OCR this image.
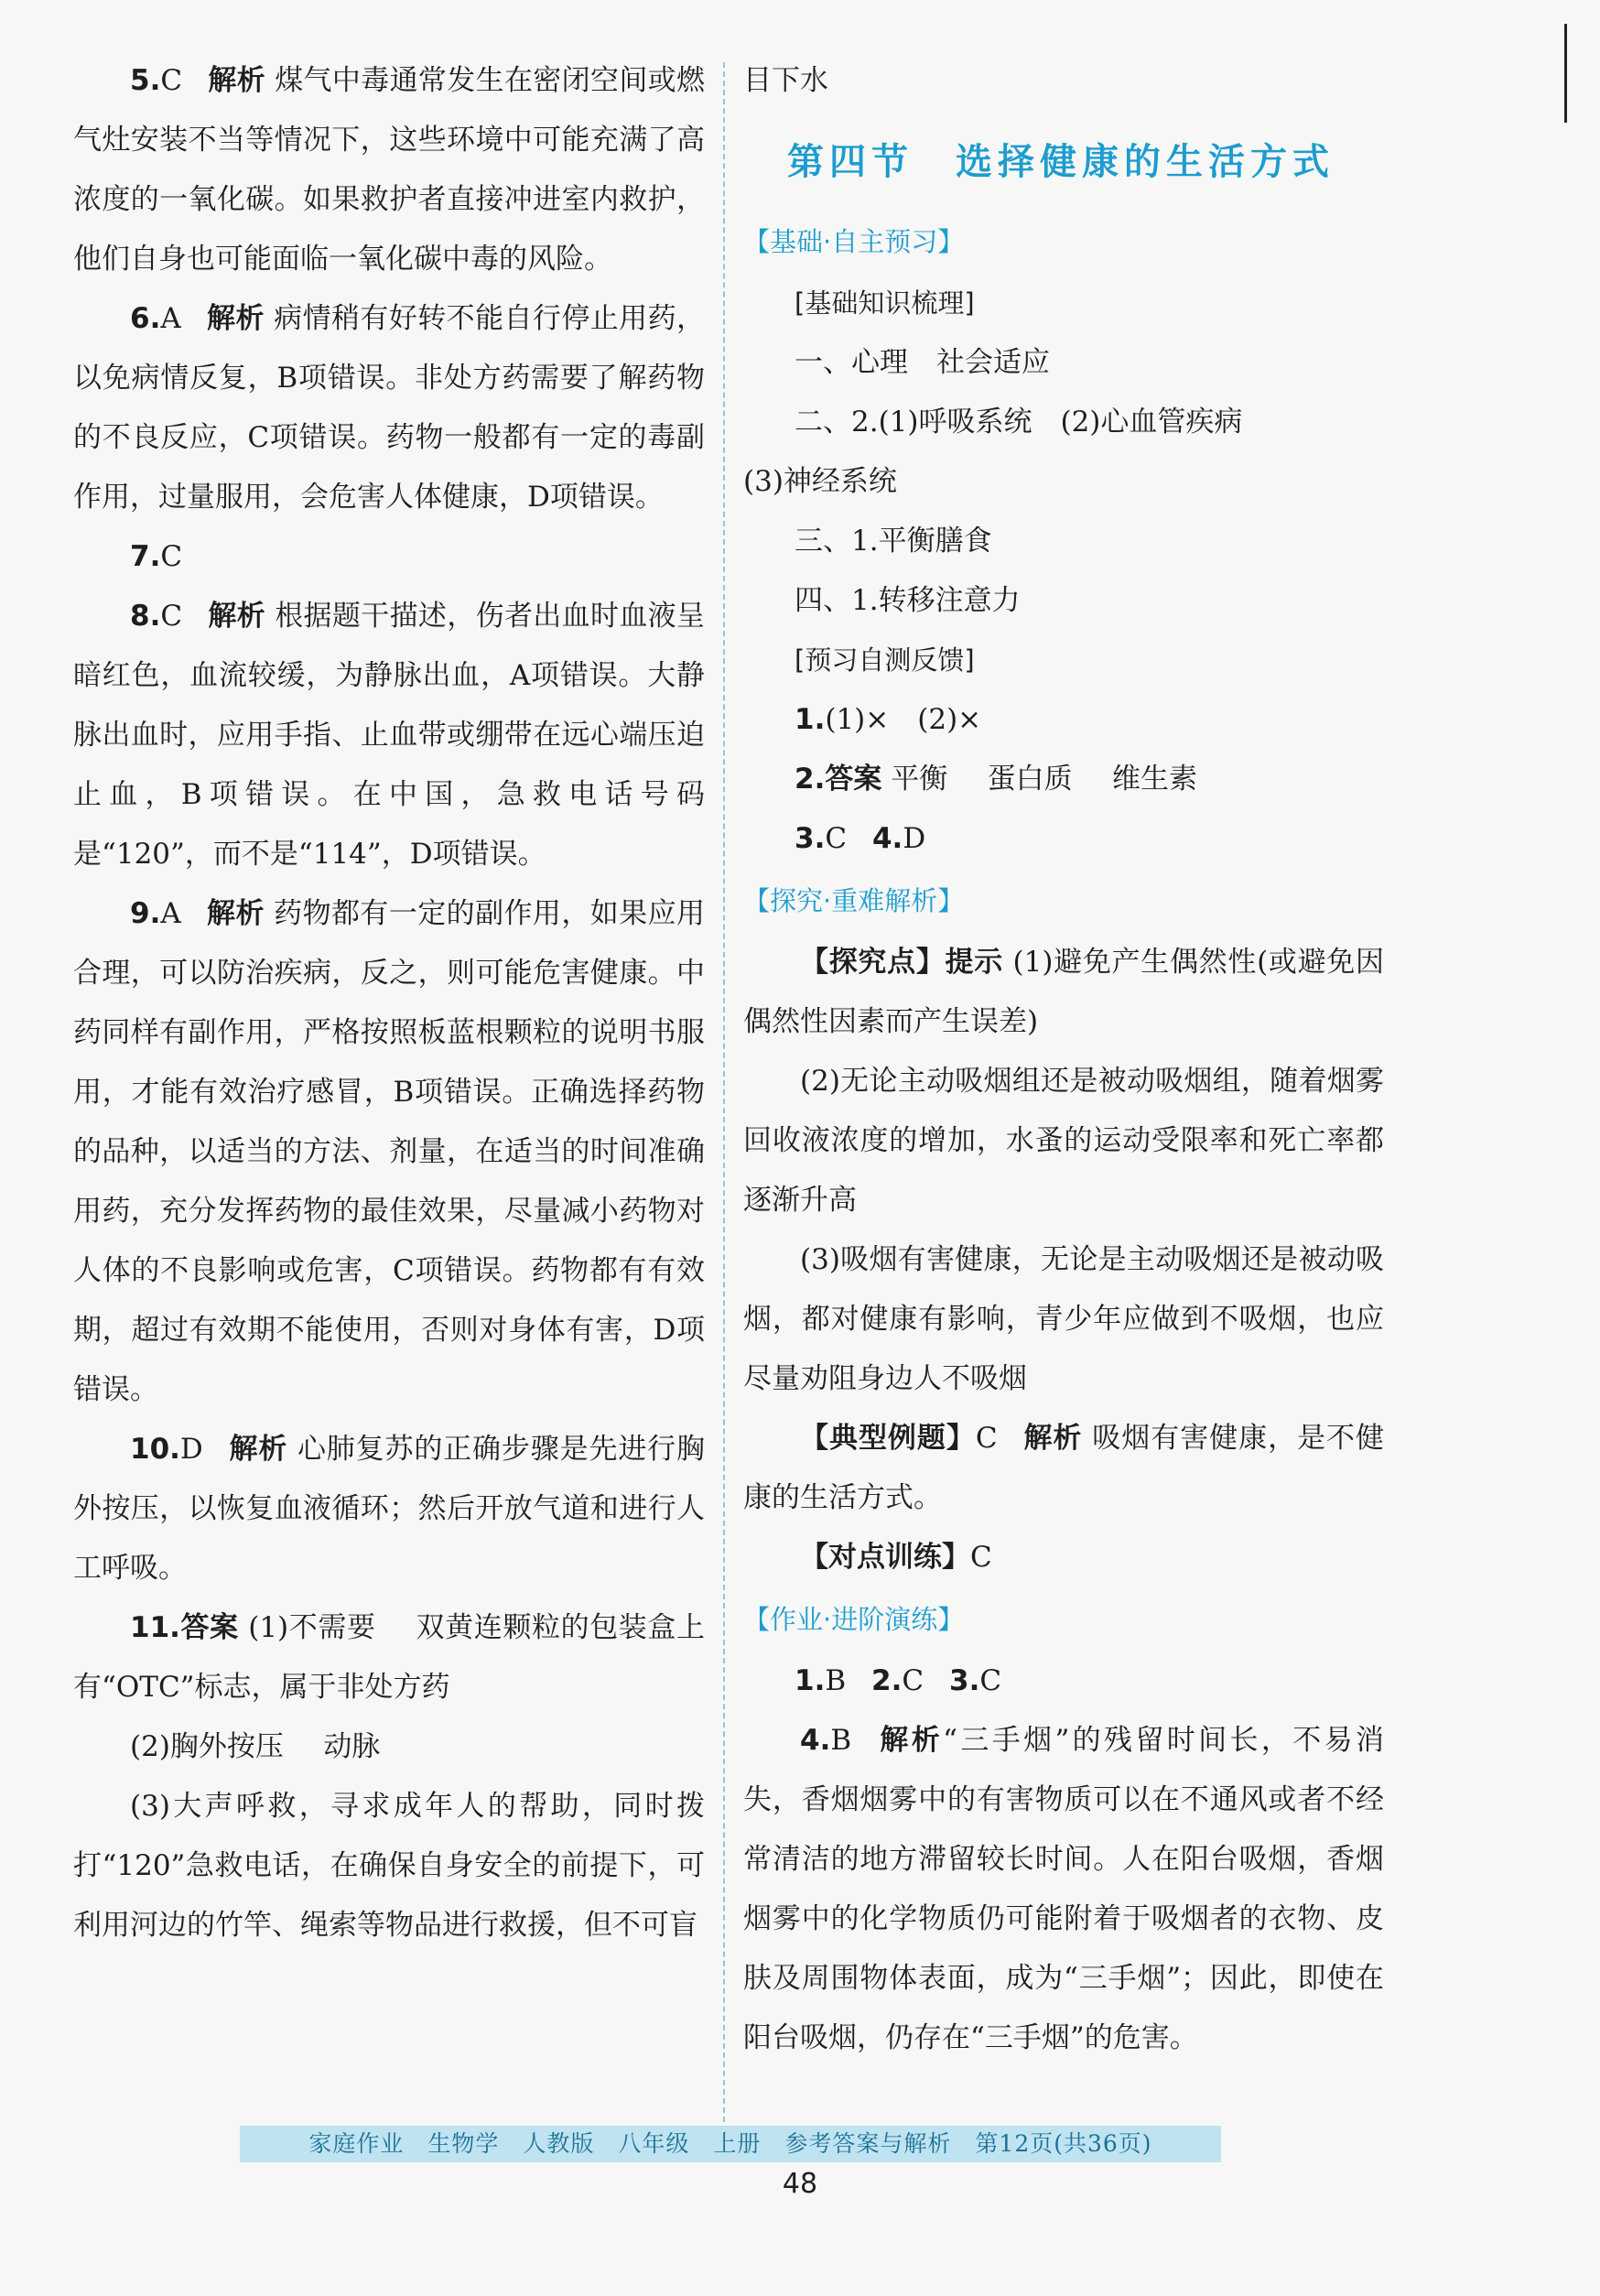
5.C 解析 煤气中毒通常发生在密闭空间或燃气灶安装不当等情况下，这些环境中可能充满了高浓度的一氧化碳。如果救护者直接冲进室内救护，他们自身也可能面临一氧化碳中毒的风险。

6.A 解析 病情稍有好转不能自行停止用药，以免病情反复，B项错误。非处方药需要了解药物的不良反应，C项错误。药物一般都有一定的毒副作用，过量服用，会危害人体健康，D项错误。

7.C

8.C 解析 根据题干描述，伤者出血时血液呈暗红色，血流较缓，为静脉出血，A项错误。大静脉出血时，应用手指、止血带或绷带在远心端压迫止血，B项错误。在中国，急救电话号码是“120”，而不是“114”，D项错误。

9.A 解析 药物都有一定的副作用，如果应用合理，可以防治疾病，反之，则可能危害健康。中药同样有副作用，严格按照板蓝根颗粒的说明书服用，才能有效治疗感冒，B项错误。正确选择药物的品种，以适当的方法、剂量，在适当的时间准确用药，充分发挥药物的最佳效果，尽量减小药物对人体的不良影响或危害，C项错误。药物都有有效期，超过有效期不能使用，否则对身体有害，D项错误。

10.D 解析 心肺复苏的正确步骤是先进行胸外按压，以恢复血液循环；然后开放气道和进行人工呼吸。

11.答案 (1)不需要 双黄连颗粒的包装盒上有“OTC”标志，属于非处方药

(2)胸外按压 动脉

(3)大声呼救，寻求成年人的帮助，同时拨打“120”急救电话，在确保自身安全的前提下，可利用河边的竹竿、绳索等物品进行救援，但不可盲

目下水

第四节　选择健康的生活方式
【基础·自主预习】
[基础知识梳理]

一、心理　社会适应

二、2.(1)呼吸系统　(2)心血管疾病

(3)神经系统

三、1.平衡膳食

四、1.转移注意力

[预习自测反馈]

1.(1)×　(2)×

2.答案 平衡 蛋白质 维生素

3.C 4.D

【探究·重难解析】

【探究点】提示 (1)避免产生偶然性(或避免因偶然性因素而产生误差)

(2)无论主动吸烟组还是被动吸烟组，随着烟雾回收液浓度的增加，水蚤的运动受限率和死亡率都逐渐升高

(3)吸烟有害健康，无论是主动吸烟还是被动吸烟，都对健康有影响，青少年应做到不吸烟，也应尽量劝阻身边人不吸烟

【典型例题】C 解析 吸烟有害健康，是不健康的生活方式。

【对点训练】C

【作业·进阶演练】

1.B 2.C 3.C

4.B 解析“三手烟”的残留时间长，不易消失，香烟烟雾中的有害物质可以在不通风或者不经常清洁的地方滞留较长时间。人在阳台吸烟，香烟烟雾中的化学物质仍可能附着于吸烟者的衣物、皮肤及周围物体表面，成为“三手烟”；因此，即使在阳台吸烟，仍存在“三手烟”的危害。

家庭作业　生物学　人教版　八年级　上册　参考答案与解析　第12页(共36页)
48
